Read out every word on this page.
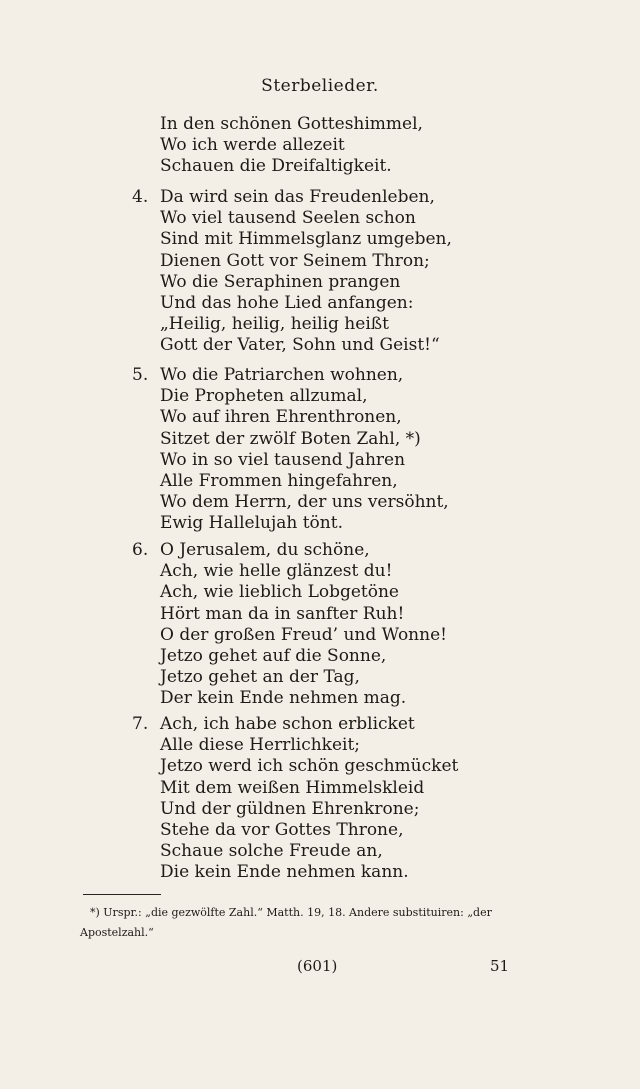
Sterbelieder.
In den schönen Gotteshimmel,
Wo ich werde allezeit
Schauen die Dreifaltigkeit.
4. Da wird sein das Freudenleben,
Wo viel tausend Seelen schon
Sind mit Himmelsglanz umgeben,
Dienen Gott vor Seinem Thron;
Wo die Seraphinen prangen
Und das hohe Lied anfangen:
„Heilig, heilig, heilig heißt
Gott der Vater, Sohn und Geist!“
5. Wo die Patriarchen wohnen,
Die Propheten allzumal,
Wo auf ihren Ehrenthronen,
Sitzet der zwölf Boten Zahl, *)
Wo in so viel tausend Jahren
Alle Frommen hingefahren,
Wo dem Herrn, der uns versöhnt,
Ewig Hallelujah tönt.
6. O Jerusalem, du schöne,
Ach, wie helle glänzest du!
Ach, wie lieblich Lobgetöne
Hört man da in sanfter Ruh!
O der großen Freud’ und Wonne!
Jetzo gehet auf die Sonne,
Jetzo gehet an der Tag,
Der kein Ende nehmen mag.
7. Ach, ich habe schon erblicket
Alle diese Herrlichkeit;
Jetzo werd ich schön geschmücket
Mit dem weißen Himmelskleid
Und der güldnen Ehrenkrone;
Stehe da vor Gottes Throne,
Schaue solche Freude an,
Die kein Ende nehmen kann.
*) Urspr.: „die gezwölfte Zahl.“ Matth. 19, 18. Andere substituiren: „der
Apostelzahl.“
(601)	51
